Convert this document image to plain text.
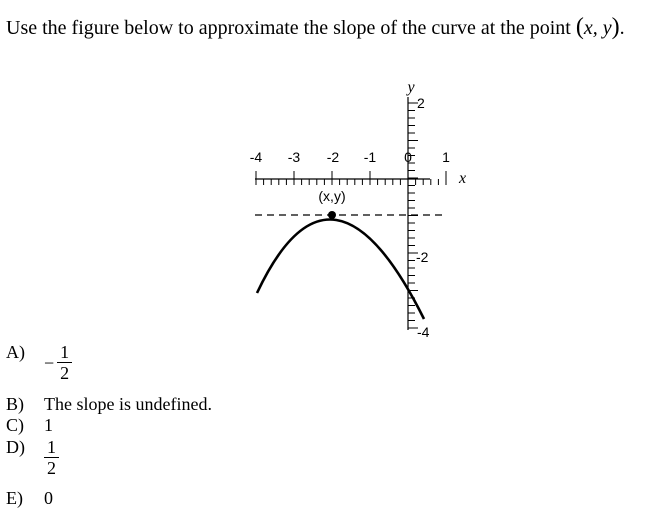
Use the figure below to approximate the slope of the curve at the point (x, y).
-4 -3 -2 -1 0 1
2
-2
-4
y
x
(x,y)
A)
− $\frac{1}{2}$
B) The slope is undefined.
C) 1
$D) \frac{1}{2}$
E) 0
